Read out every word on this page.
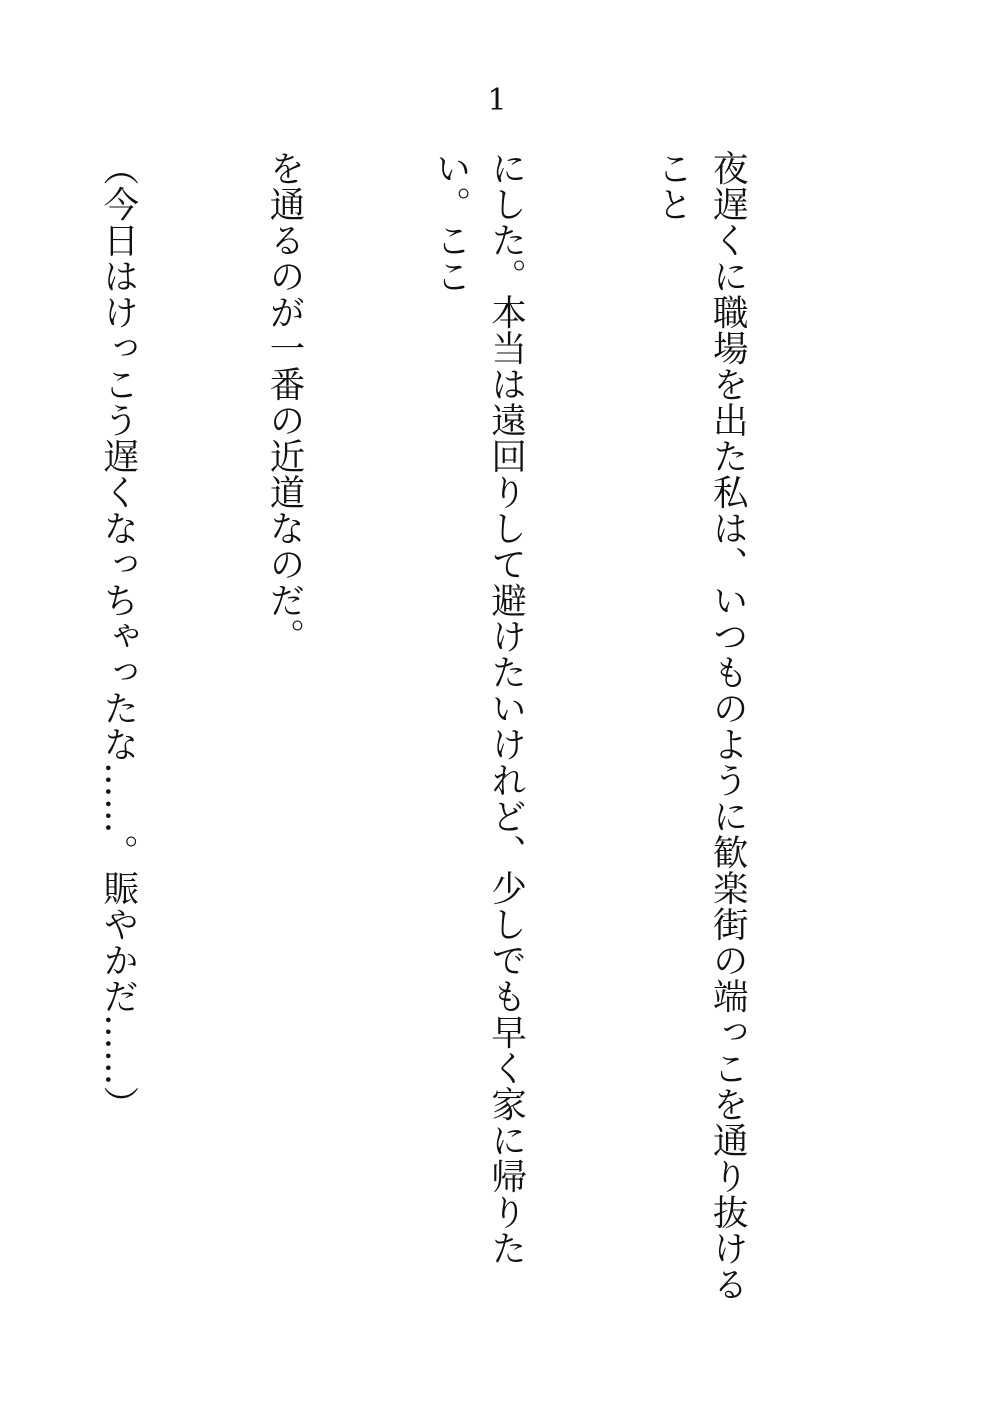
1

夜遅くに職場を出た私は、いつものように歓楽街の端っこを通り抜けること

にした。本当は遠回りして避けたいけれど、少しでも早く家に帰りたい。ここ

を通るのが一番の近道なのだ。

（今日はけっこう遅くなっちゃったな……。賑やかだ……）
